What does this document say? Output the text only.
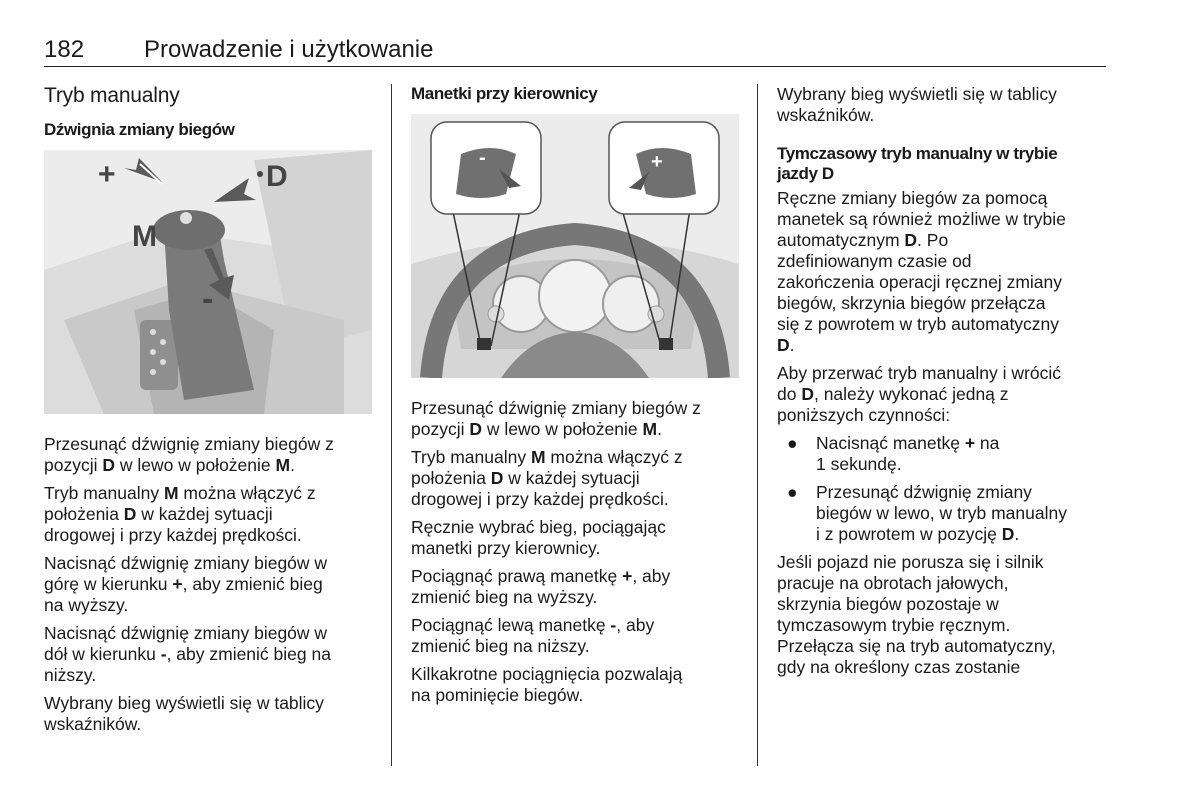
182 Prowadzenie i użytkowanie
Tryb manualny
Dźwignia zmiany biegów
+	D
M
-

Przesunąć dźwignię zmiany biegów z
pozycji D w lewo w położenie M.

Tryb manualny M można włączyć z
położenia D w każdej sytuacji
drogowej i przy każdej prędkości.

Nacisnąć dźwignię zmiany biegów w
górę w kierunku +, aby zmienić bieg
na wyższy.

Nacisnąć dźwignię zmiany biegów w
dół w kierunku -, aby zmienić bieg na
niższy.

Wybrany bieg wyświetli się w tablicy
wskaźników.

Manetki przy kierownicy
-	+

Przesunąć dźwignię zmiany biegów z
pozycji D w lewo w położenie M.

Tryb manualny M można włączyć z
położenia D w każdej sytuacji
drogowej i przy każdej prędkości.

Ręcznie wybrać bieg, pociągając
manetki przy kierownicy.

Pociągnąć prawą manetkę +, aby
zmienić bieg na wyższy.

Pociągnąć lewą manetkę -, aby
zmienić bieg na niższy.

Kilkakrotne pociągnięcia pozwalają
na pominięcie biegów.

Wybrany bieg wyświetli się w tablicy
wskaźników.

Tymczasowy tryb manualny w trybie
jazdy D

Ręczne zmiany biegów za pomocą
manetek są również możliwe w trybie
automatycznym D. Po
zdefiniowanym czasie od
zakończenia operacji ręcznej zmiany
biegów, skrzynia biegów przełącza
się z powrotem w tryb automatyczny
D.

Aby przerwać tryb manualny i wrócić
do D, należy wykonać jedną z
poniższych czynności:

● Nacisnąć manetkę + na
1 sekundę.
● Przesunąć dźwignię zmiany
biegów w lewo, w tryb manualny
i z powrotem w pozycję D.

Jeśli pojazd nie porusza się i silnik
pracuje na obrotach jałowych,
skrzynia biegów pozostaje w
tymczasowym trybie ręcznym.
Przełącza się na tryb automatyczny,
gdy na określony czas zostanie
